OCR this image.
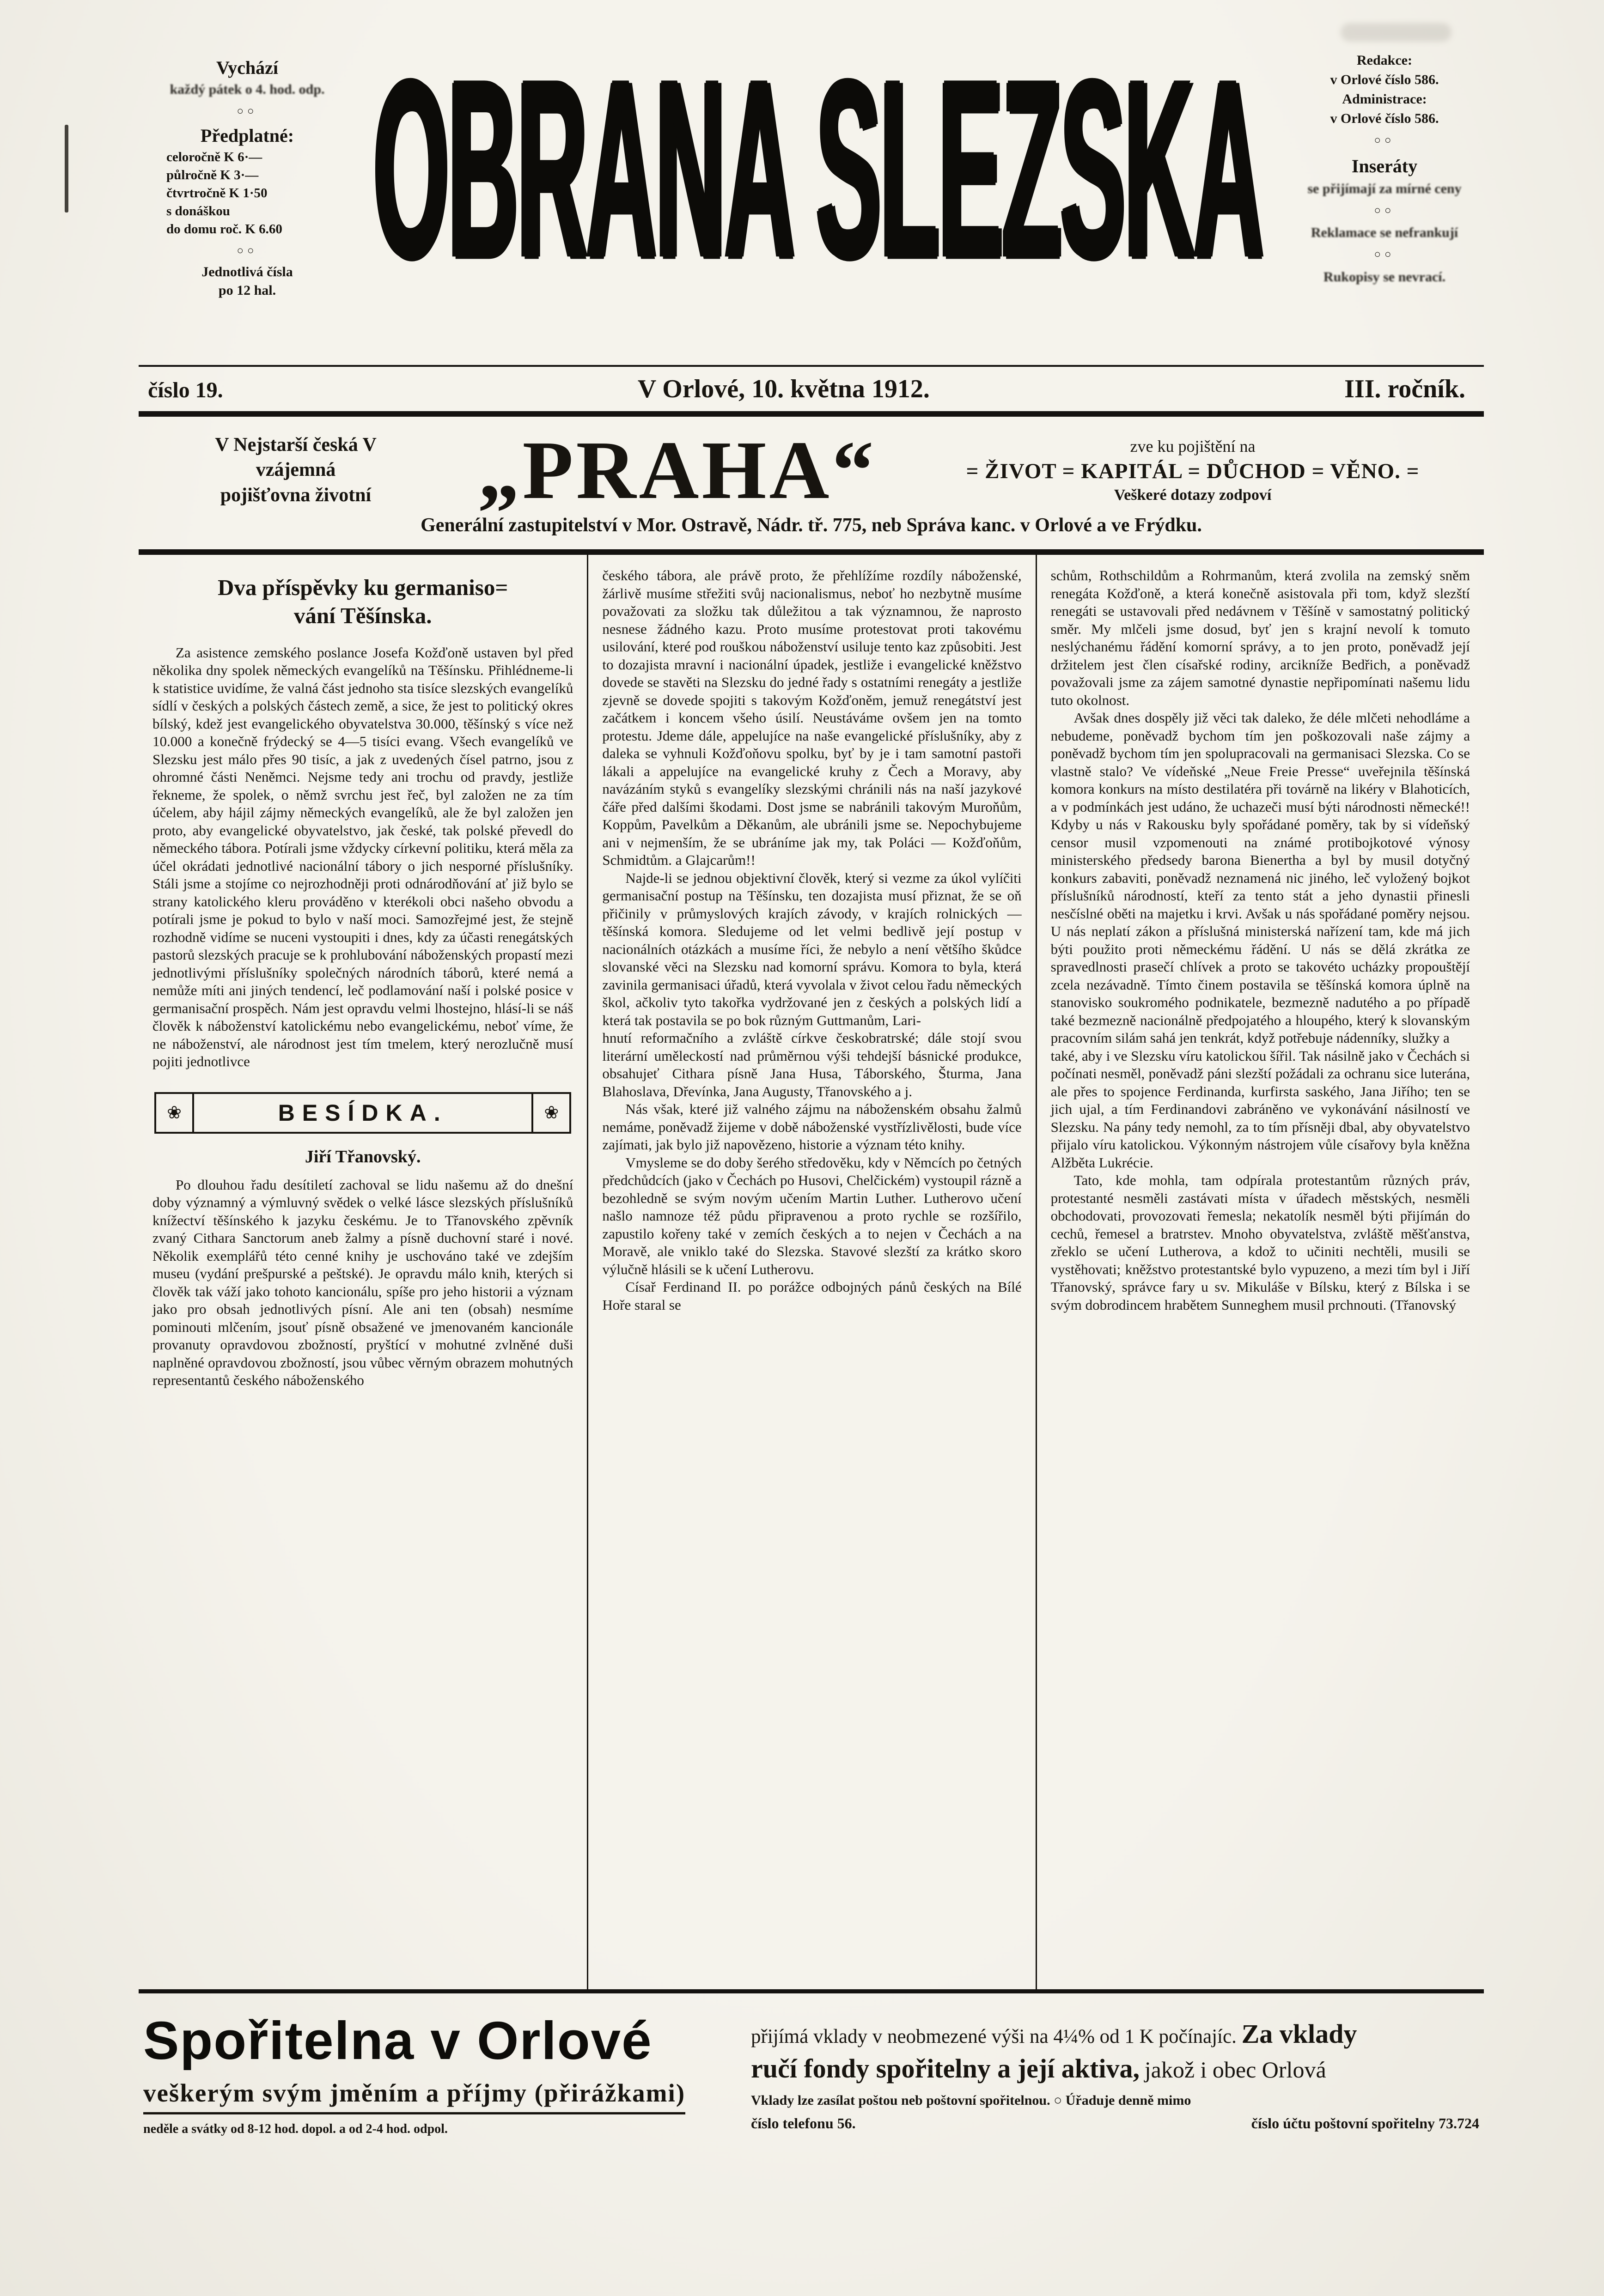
Vychází
každý pátek o 4. hod. odp.
○○
Předplatné:
celoročně K 6·—
půlročně K 3·—
čtvrtročně K 1·50
s donáškou
do domu roč. K 6.60
○○
Jednotlivá čísla
po 12 hal.	OBRANA SLEZSKA	Redakce:
v Orlové číslo 586.
Administrace:
v Orlové číslo 586.
○○
Inseráty
se přijímají za mírné ceny
○○
Reklamace se nefrankují
○○
Rukopisy se nevrací.
číslo 19.	V Orlové, 10. května 1912.	III. ročník.
V Nejstarší česká V
vzájemná
pojišťovna životní	„PRAHA“	zve ku pojištění na
= ŽIVOT = KAPITÁL = DŮCHOD = VĚNO. =
Veškeré dotazy zodpoví
Generální zastupitelství v Mor. Ostravě, Nádr. tř. 775, neb Správa kanc. v Orlové a ve Frýdku.
Dva příspěvky ku germaniso=
vání Těšínska.

Za asistence zemského poslance Josefa Kožďoně ustaven byl před několika dny spolek německých evangelíků na Těšínsku. Přihlédneme-li k statistice uvidíme, že valná část jednoho sta tisíce slezských evangelíků sídlí v českých a polských částech země, a sice, že jest to politický okres bílský, kdež jest evangelického obyvatelstva 30.000, těšínský s více než 10.000 a konečně frýdecký se 4—5 tisíci evang. Všech evangelíků ve Slezsku jest málo přes 90 tisíc, a jak z uvedených čísel patrno, jsou z ohromné části Neněmci. Nejsme tedy ani trochu od pravdy, jestliže řekneme, že spolek, o němž svrchu jest řeč, byl založen ne za tím účelem, aby hájil zájmy německých evangelíků, ale že byl založen jen proto, aby evangelické obyvatelstvo, jak české, tak polské převedl do německého tábora. Potírali jsme vždycky církevní politiku, která měla za účel okrádati jednotlivé nacionální tábory o jich nesporné příslušníky. Stáli jsme a stojíme co nejrozhodněji proti odnárodňování ať již bylo se strany katolického kleru prováděno v kterékoli obci našeho obvodu a potírali jsme je pokud to bylo v naší moci. Samozřejmé jest, že stejně rozhodně vidíme se nuceni vystoupiti i dnes, kdy za účasti renegátských pastorů slezských pracuje se k prohlubování náboženských propastí mezi jednotlivými příslušníky společných národních táborů, které nemá a nemůže míti ani jiných tendencí, leč podlamování naší i polské posice v germanisační prospěch. Nám jest opravdu velmi lhostejno, hlásí-li se náš člověk k náboženství katolickému nebo evangelickému, neboť víme, že ne náboženství, ale národnost jest tím tmelem, který nerozlučně musí pojiti jednotlivce

❀	BESÍDKA.	❀
Jiří Třanovský.

Po dlouhou řadu desítiletí zachoval se lidu našemu až do dnešní doby významný a výmluvný svědek o velké lásce slezských příslušníků knížectví těšínského k jazyku českému. Je to Třanovského zpěvník zvaný Cithara Sanctorum aneb žalmy a písně duchovní staré i nové. Několik exemplářů této cenné knihy je uschováno také ve zdejším museu (vydání prešpurské a peštské). Je opravdu málo knih, kterých si člověk tak váží jako tohoto kancionálu, spíše pro jeho historii a význam jako pro obsah jednotlivých písní. Ale ani ten (obsah) nesmíme pominouti mlčením, jsouť písně obsažené ve jmenovaném kancionále provanuty opravdovou zbožností, pryštící v mohutné zvlněné duši naplněné opravdovou zbožností, jsou vůbec věrným obrazem mohutných representantů českého náboženského

českého tábora, ale právě proto, že přehlížíme rozdíly náboženské, žárlivě musíme střežiti svůj nacionalismus, neboť ho nezbytně musíme považovati za složku tak důležitou a tak významnou, že naprosto nesnese žádného kazu. Proto musíme protestovat proti takovému usilování, které pod rouškou náboženství usiluje tento kaz způsobiti. Jest to dozajista mravní i nacionální úpadek, jestliže i evangelické kněžstvo dovede se stavěti na Slezsku do jedné řady s ostatními renegáty a jestliže zjevně se dovede spojiti s takovým Kožďoněm, jemuž renegátství jest začátkem i koncem všeho úsilí. Neustáváme ovšem jen na tomto protestu. Jdeme dále, appelujíce na naše evangelické příslušníky, aby z daleka se vyhnuli Kožďoňovu spolku, byť by je i tam samotní pastoři lákali a appelujíce na evangelické kruhy z Čech a Moravy, aby navázáním styků s evangelíky slezskými chránili nás na naší jazykové čáře před dalšími škodami. Dost jsme se nabránili takovým Muroňům, Koppům, Pavelkům a Děkanům, ale ubránili jsme se. Nepochybujeme ani v nejmenším, že se ubráníme jak my, tak Poláci — Kožďoňům, Schmidtům. a Glajcarům!!

Najde-li se jednou objektivní člověk, který si vezme za úkol vylíčiti germanisační postup na Těšínsku, ten dozajista musí přiznat, že se oň přičinily v průmyslových krajích závody, v krajích rolnických — těšínská komora. Sledujeme od let velmi bedlivě její postup v nacionálních otázkách a musíme říci, že nebylo a není většího škůdce slovanské věci na Slezsku nad komorní správu. Komora to byla, která zavinila germanisaci úřadů, která vyvolala v život celou řadu německých škol, ačkoliv tyto takořka vydržované jen z českých a polských lidí a která tak postavila se po bok různým Guttmanům, Lari-

hnutí reformačního a zvláště církve českobratrské; dále stojí svou literární uměleckostí nad průměrnou výši tehdejší básnické produkce, obsahujeť Cithara písně Jana Husa, Táborského, Šturma, Jana Blahoslava, Dřevínka, Jana Augusty, Třanovského a j.

Nás však, které již valného zájmu na náboženském obsahu žalmů nemáme, poněvadž žijeme v době náboženské vystřízlivělosti, bude více zajímati, jak bylo již napovězeno, historie a význam této knihy.

Vmysleme se do doby šerého středověku, kdy v Němcích po četných předchůdcích (jako v Čechách po Husovi, Chelčickém) vystoupil rázně a bezohledně se svým novým učením Martin Luther. Lutherovo učení našlo namnoze též půdu připravenou a proto rychle se rozšířilo, zapustilo kořeny také v zemích českých a to nejen v Čechách a na Moravě, ale vniklo také do Slezska. Stavové slezští za krátko skoro výlučně hlásili se k učení Lutherovu.

Císař Ferdinand II. po porážce odbojných pánů českých na Bílé Hoře staral se

schům, Rothschildům a Rohrmanům, která zvolila na zemský sněm renegáta Kožďoně, a která konečně asistovala při tom, když slezští renegáti se ustavovali před nedávnem v Těšíně v samostatný politický směr. My mlčeli jsme dosud, byť jen s krajní nevolí k tomuto neslýchanému řádění komorní správy, a to jen proto, poněvadž její držitelem jest člen císařské rodiny, arcikníže Bedřich, a poněvadž považovali jsme za zájem samotné dynastie nepřipomínati našemu lidu tuto okolnost.

Avšak dnes dospěly již věci tak daleko, že déle mlčeti nehodláme a nebudeme, poněvadž bychom tím jen poškozovali naše zájmy a poněvadž bychom tím jen spolupracovali na germanisaci Slezska. Co se vlastně stalo? Ve vídeňské „Neue Freie Presse“ uveřejnila těšínská komora konkurs na místo destilatéra při továrně na likéry v Blahoticích, a v podmínkách jest udáno, že uchazeči musí býti národnosti německé!! Kdyby u nás v Rakousku byly spořádané poměry, tak by si vídeňský censor musil vzpomenouti na známé protibojkotové výnosy ministerského předsedy barona Bienertha a byl by musil dotyčný konkurs zabaviti, poněvadž neznamená nic jiného, leč vyložený bojkot příslušníků národností, kteří za tento stát a jeho dynastii přinesli nesčíslné oběti na majetku i krvi. Avšak u nás spořádané poměry nejsou. U nás neplatí zákon a příslušná ministerská nařízení tam, kde má jich býti použito proti německému řádění. U nás se dělá zkrátka ze spravedlnosti prasečí chlívek a proto se takovéto ucházky propouštějí zcela nezávadně. Tímto činem postavila se těšínská komora úplně na stanovisko soukromého podnikatele, bezmezně nadutého a po případě také bezmezně nacionálně předpojatého a hloupého, který k slovanským pracovním silám sahá jen tenkrát, když potřebuje nádenníky, služky a

také, aby i ve Slezsku víru katolickou šířil. Tak násilně jako v Čechách si počínati nesměl, poněvadž páni slezští požádali za ochranu sice luterána, ale přes to spojence Ferdinanda, kurfirsta saského, Jana Jiřího; ten se jich ujal, a tím Ferdinandovi zabráněno ve vykonávání násilností ve Slezsku. Na pány tedy nemohl, za to tím přísněji dbal, aby obyvatelstvo přijalo víru katolickou. Výkonným nástrojem vůle císařovy byla kněžna Alžběta Lukrécie.

Tato, kde mohla, tam odpírala protestantům různých práv, protestanté nesměli zastávati místa v úřadech městských, nesměli obchodovati, provozovati řemesla; nekatolík nesměl býti přijímán do cechů, řemesel a bratrstev. Mnoho obyvatelstva, zvláště měšťanstva, zřeklo se učení Lutherova, a kdož to učiniti nechtěli, musili se vystěhovati; kněžstvo protestantské bylo vypuzeno, a mezi tím byl i Jiří Třanovský, správce fary u sv. Mikuláše v Bílsku, který z Bílska i se svým dobrodincem hrabětem Sunneghem musil prchnouti. (Třanovský

Spořitelna v Orlové
veškerým svým jměním a příjmy (přirážkami)
neděle a svátky od 8-12 hod. dopol. a od 2-4 hod. odpol.
přijímá vklady v neobmezené výši na 4¼% od 1 K počínajíc. Za vklady
ručí fondy spořitelny a její aktiva, jakož i obec Orlová
Vklady lze zasílat poštou neb poštovní spořitelnou. ○ Úřaduje denně mimo
číslo telefonu 56.	číslo účtu poštovní spořitelny 73.724
